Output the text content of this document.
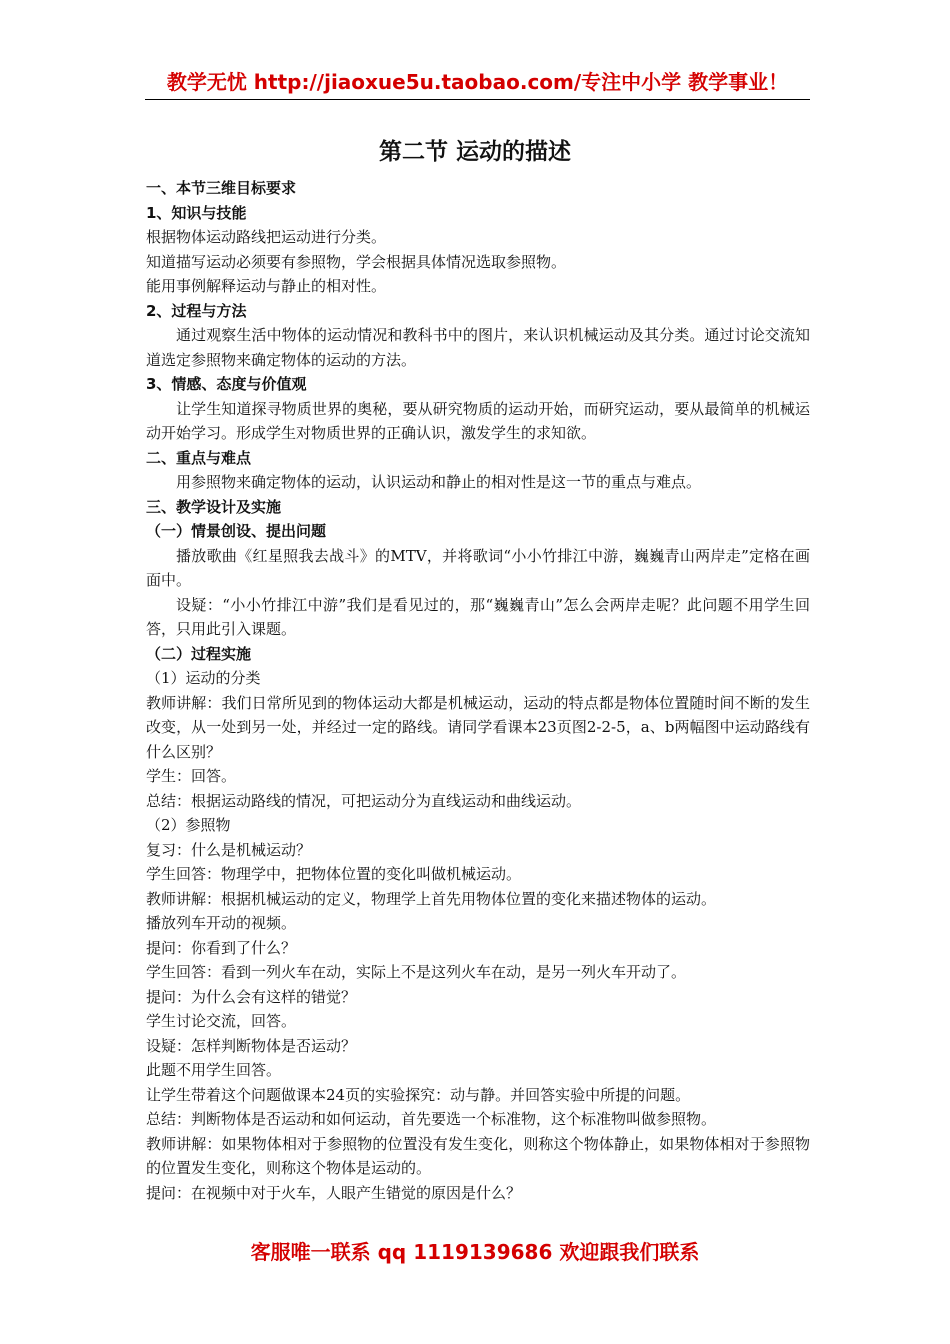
教学无忧 http://jiaoxue5u.taobao.com/专注中小学 教学事业！
第二节 运动的描述

一、本节三维目标要求

1、知识与技能

根据物体运动路线把运动进行分类。

知道描写运动必须要有参照物，学会根据具体情况选取参照物。

能用事例解释运动与静止的相对性。

2、过程与方法

通过观察生活中物体的运动情况和教科书中的图片，来认识机械运动及其分类。通过讨论交流知道选定参照物来确定物体的运动的方法。

3、情感、态度与价值观

让学生知道探寻物质世界的奥秘，要从研究物质的运动开始，而研究运动，要从最简单的机械运动开始学习。形成学生对物质世界的正确认识，激发学生的求知欲。

二、重点与难点

用参照物来确定物体的运动，认识运动和静止的相对性是这一节的重点与难点。

三、教学设计及实施

（一）情景创设、提出问题

播放歌曲《红星照我去战斗》的MTV，并将歌词“小小竹排江中游，巍巍青山两岸走”定格在画面中。

设疑：“小小竹排江中游”我们是看见过的，那“巍巍青山”怎么会两岸走呢？此问题不用学生回答，只用此引入课题。

（二）过程实施

（1）运动的分类

教师讲解：我们日常所见到的物体运动大都是机械运动，运动的特点都是物体位置随时间不断的发生改变，从一处到另一处，并经过一定的路线。请同学看课本23页图2-2-5，a、b两幅图中运动路线有什么区别？

学生：回答。

总结：根据运动路线的情况，可把运动分为直线运动和曲线运动。

（2）参照物

复习：什么是机械运动？

学生回答：物理学中，把物体位置的变化叫做机械运动。

教师讲解：根据机械运动的定义，物理学上首先用物体位置的变化来描述物体的运动。

播放列车开动的视频。

提问：你看到了什么？

学生回答：看到一列火车在动，实际上不是这列火车在动，是另一列火车开动了。

提问：为什么会有这样的错觉？

学生讨论交流，回答。

设疑：怎样判断物体是否运动？

此题不用学生回答。

让学生带着这个问题做课本24页的实验探究：动与静。并回答实验中所提的问题。

总结：判断物体是否运动和如何运动，首先要选一个标准物，这个标准物叫做参照物。

教师讲解：如果物体相对于参照物的位置没有发生变化，则称这个物体静止，如果物体相对于参照物的位置发生变化，则称这个物体是运动的。

提问：在视频中对于火车，人眼产生错觉的原因是什么？

客服唯一联系 qq 1119139686 欢迎跟我们联系
